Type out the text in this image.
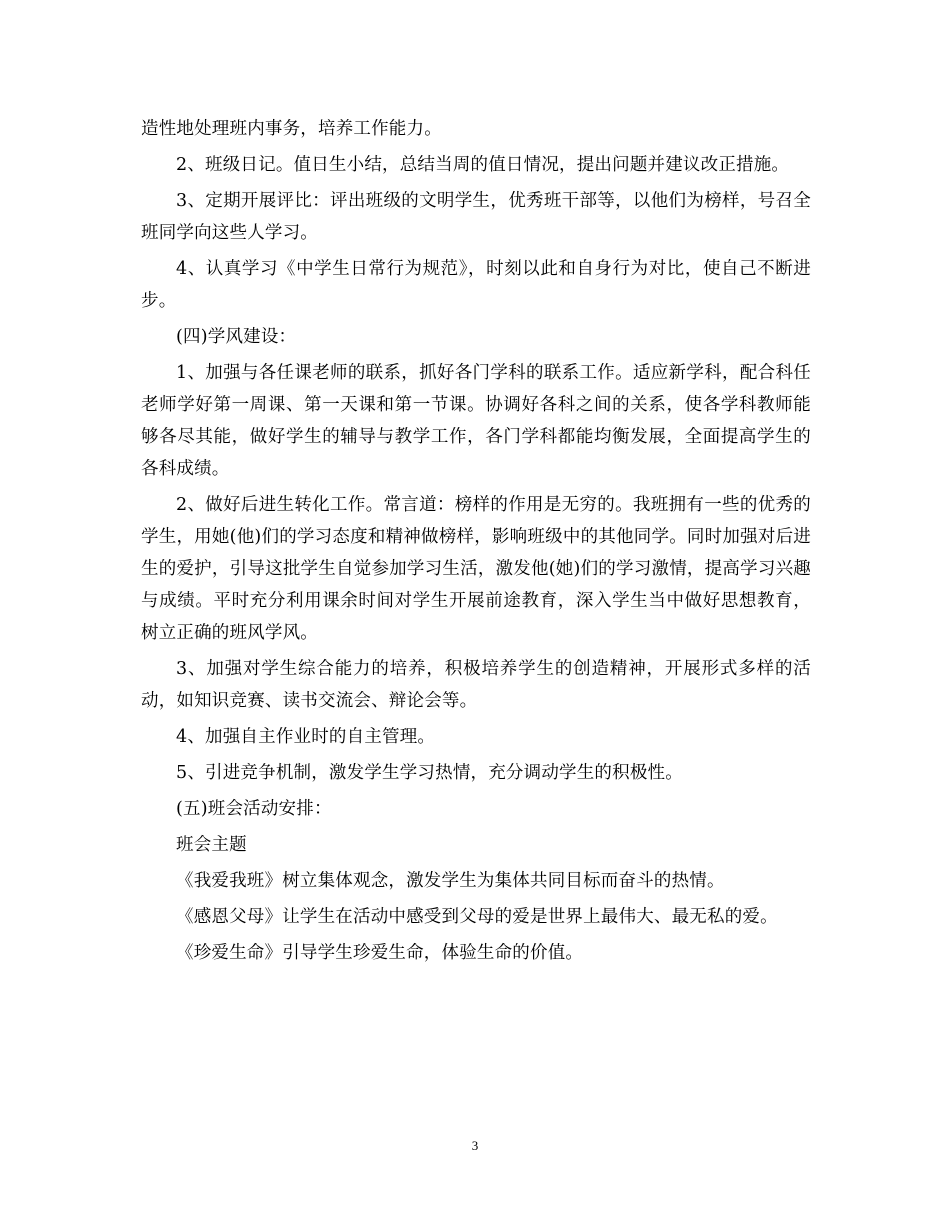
造性地处理班内事务，培养工作能力。

2、班级日记。值日生小结，总结当周的值日情况，提出问题并建议改正措施。

3、定期开展评比：评出班级的文明学生，优秀班干部等，以他们为榜样，号召全班同学向这些人学习。

4、认真学习《中学生日常行为规范》，时刻以此和自身行为对比，使自己不断进步。

(四)学风建设：

1、加强与各任课老师的联系，抓好各门学科的联系工作。适应新学科，配合科任老师学好第一周课、第一天课和第一节课。协调好各科之间的关系，使各学科教师能够各尽其能，做好学生的辅导与教学工作，各门学科都能均衡发展，全面提高学生的各科成绩。

2、做好后进生转化工作。常言道：榜样的作用是无穷的。我班拥有一些的优秀的学生，用她(他)们的学习态度和精神做榜样，影响班级中的其他同学。同时加强对后进生的爱护，引导这批学生自觉参加学习生活，激发他(她)们的学习激情，提高学习兴趣与成绩。平时充分利用课余时间对学生开展前途教育，深入学生当中做好思想教育，树立正确的班风学风。

3、加强对学生综合能力的培养，积极培养学生的创造精神，开展形式多样的活动，如知识竞赛、读书交流会、辩论会等。

4、加强自主作业时的自主管理。

5、引进竞争机制，激发学生学习热情，充分调动学生的积极性。

(五)班会活动安排：

班会主题

《我爱我班》树立集体观念，激发学生为集体共同目标而奋斗的热情。

《感恩父母》让学生在活动中感受到父母的爱是世界上最伟大、最无私的爱。

《珍爱生命》引导学生珍爱生命，体验生命的价值。

3
